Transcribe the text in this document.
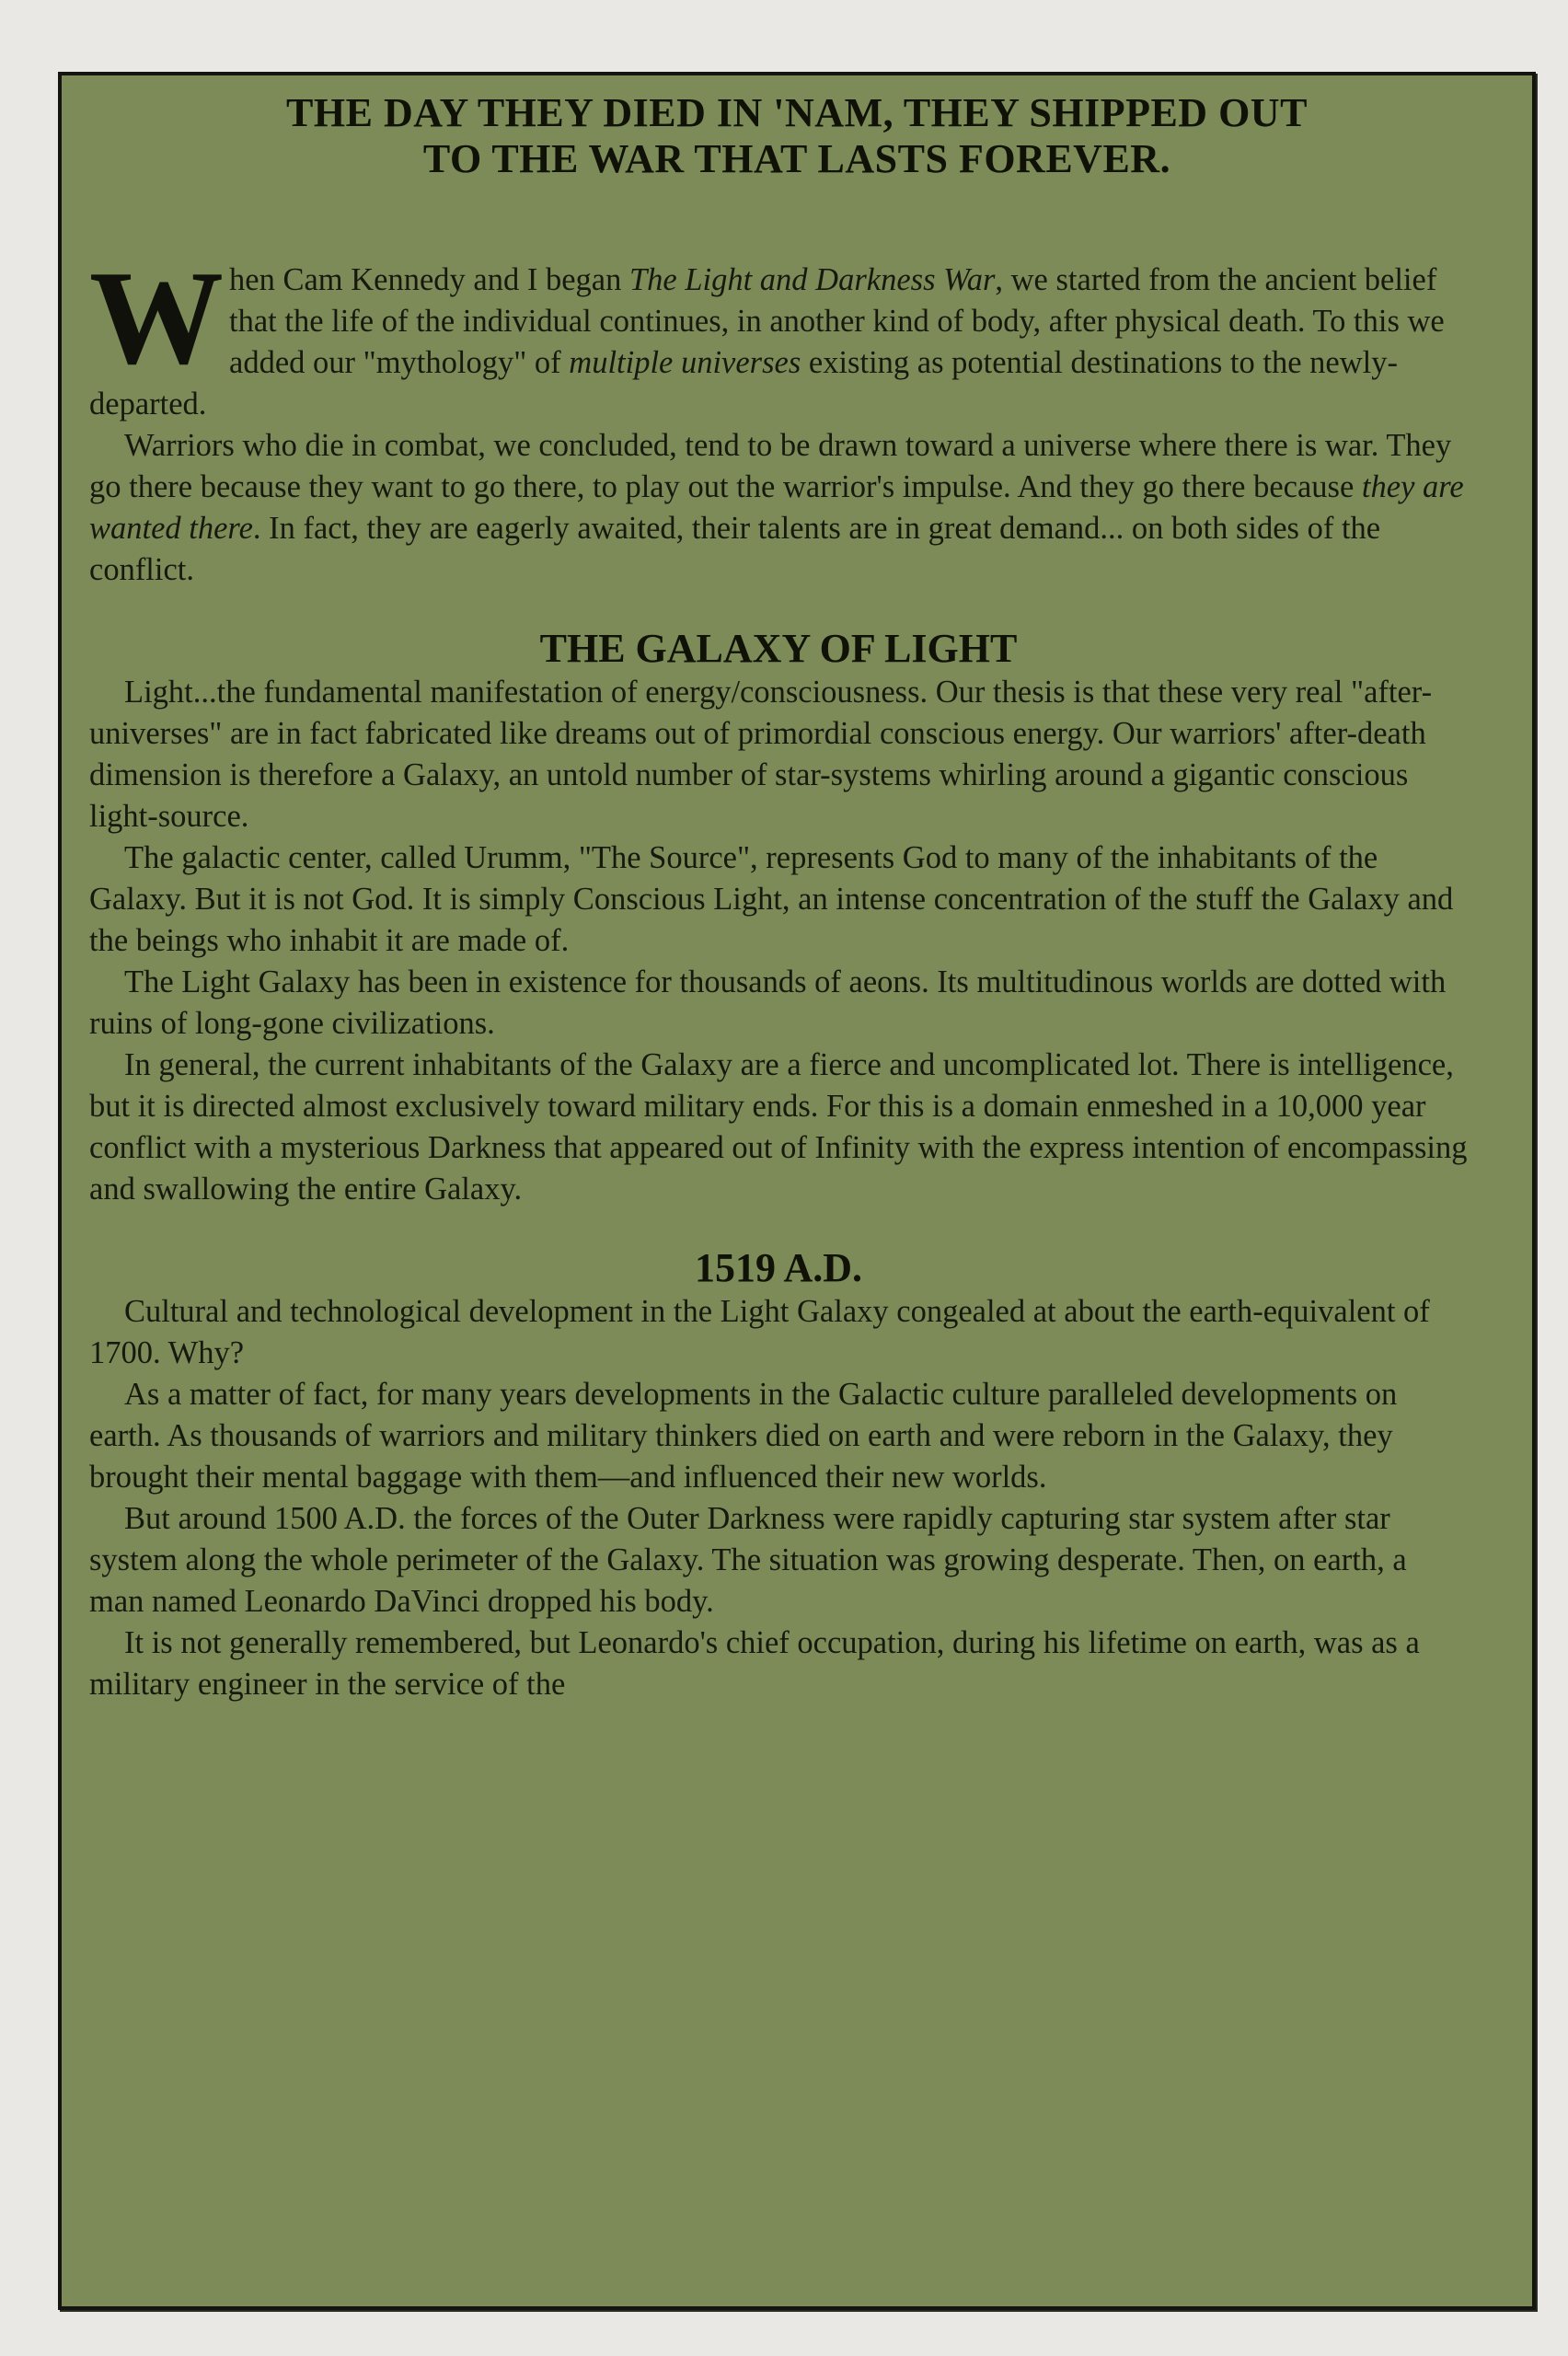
THE DAY THEY DIED IN 'NAM, THEY SHIPPED OUT
TO THE WAR THAT LASTS FOREVER.

When Cam Kennedy and I began The Light and Darkness War, we started from the ancient belief that the life of the individual continues, in another kind of body, after physical death. To this we added our "mythology" of multiple universes existing as potential destinations to the newly-departed.

Warriors who die in combat, we concluded, tend to be drawn toward a universe where there is war. They go there because they want to go there, to play out the warrior's impulse. And they go there because they are wanted there. In fact, they are eagerly awaited, their talents are in great demand... on both sides of the conflict.

THE GALAXY OF LIGHT

Light...the fundamental manifestation of energy/consciousness. Our thesis is that these very real "after-universes" are in fact fabricated like dreams out of primordial conscious energy. Our warriors' after-death dimension is therefore a Galaxy, an untold number of star-systems whirling around a gigantic conscious light-source.

The galactic center, called Urumm, "The Source", represents God to many of the inhabitants of the Galaxy. But it is not God. It is simply Conscious Light, an intense concentration of the stuff the Galaxy and the beings who inhabit it are made of.

The Light Galaxy has been in existence for thousands of aeons. Its multitudinous worlds are dotted with ruins of long-gone civilizations.

In general, the current inhabitants of the Galaxy are a fierce and uncomplicated lot. There is intelligence, but it is directed almost exclusively toward military ends. For this is a domain enmeshed in a 10,000 year conflict with a mysterious Darkness that appeared out of Infinity with the express intention of encompassing and swallowing the entire Galaxy.

1519 A.D.

Cultural and technological development in the Light Galaxy congealed at about the earth-equivalent of 1700. Why?

As a matter of fact, for many years developments in the Galactic culture paralleled developments on earth. As thousands of warriors and military thinkers died on earth and were reborn in the Galaxy, they brought their mental baggage with them—and influenced their new worlds.

But around 1500 A.D. the forces of the Outer Darkness were rapidly capturing star system after star system along the whole perimeter of the Galaxy. The situation was growing desperate. Then, on earth, a man named Leonardo DaVinci dropped his body.

It is not generally remembered, but Leonardo's chief occupation, during his lifetime on earth, was as a military engineer in the service of the
